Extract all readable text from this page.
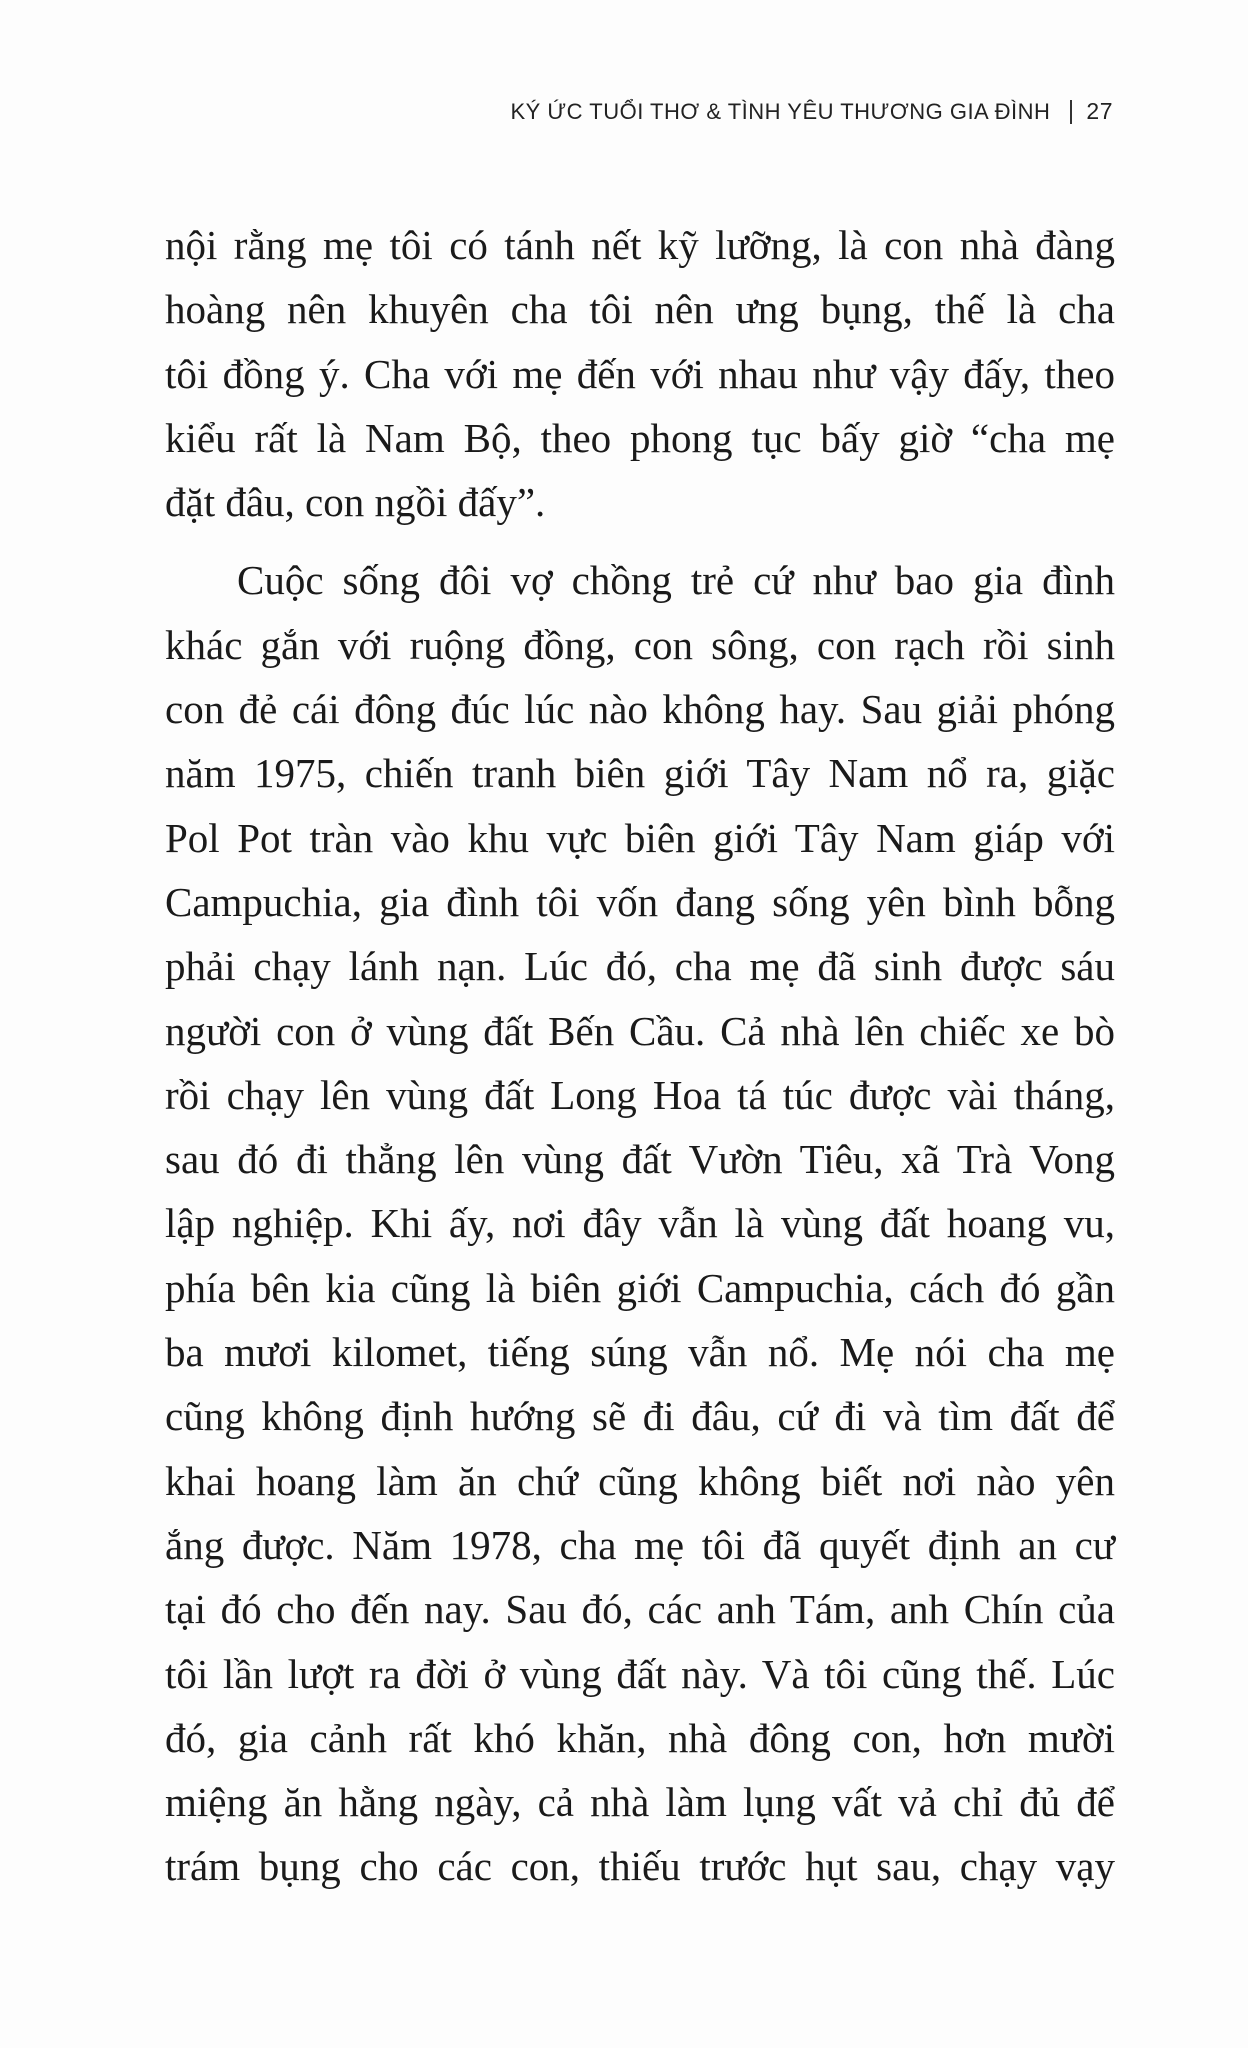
KÝ ỨC TUỔI THƠ & TÌNH YÊU THƯƠNG GIA ĐÌNH 27
nội rằng mẹ tôi có tánh nết kỹ lưỡng, là con nhà đàng
hoàng nên khuyên cha tôi nên ưng bụng, thế là cha
tôi đồng ý. Cha với mẹ đến với nhau như vậy đấy, theo
kiểu rất là Nam Bộ, theo phong tục bấy giờ “cha mẹ
đặt đâu, con ngồi đấy”.
Cuộc sống đôi vợ chồng trẻ cứ như bao gia đình
khác gắn với ruộng đồng, con sông, con rạch rồi sinh
con đẻ cái đông đúc lúc nào không hay. Sau giải phóng
năm 1975, chiến tranh biên giới Tây Nam nổ ra, giặc
Pol Pot tràn vào khu vực biên giới Tây Nam giáp với
Campuchia, gia đình tôi vốn đang sống yên bình bỗng
phải chạy lánh nạn. Lúc đó, cha mẹ đã sinh được sáu
người con ở vùng đất Bến Cầu. Cả nhà lên chiếc xe bò
rồi chạy lên vùng đất Long Hoa tá túc được vài tháng,
sau đó đi thẳng lên vùng đất Vườn Tiêu, xã Trà Vong
lập nghiệp. Khi ấy, nơi đây vẫn là vùng đất hoang vu,
phía bên kia cũng là biên giới Campuchia, cách đó gần
ba mươi kilomet, tiếng súng vẫn nổ. Mẹ nói cha mẹ
cũng không định hướng sẽ đi đâu, cứ đi và tìm đất để
khai hoang làm ăn chứ cũng không biết nơi nào yên
ắng được. Năm 1978, cha mẹ tôi đã quyết định an cư
tại đó cho đến nay. Sau đó, các anh Tám, anh Chín của
tôi lần lượt ra đời ở vùng đất này. Và tôi cũng thế. Lúc
đó, gia cảnh rất khó khăn, nhà đông con, hơn mười
miệng ăn hằng ngày, cả nhà làm lụng vất vả chỉ đủ để
trám bụng cho các con, thiếu trước hụt sau, chạy vạy
